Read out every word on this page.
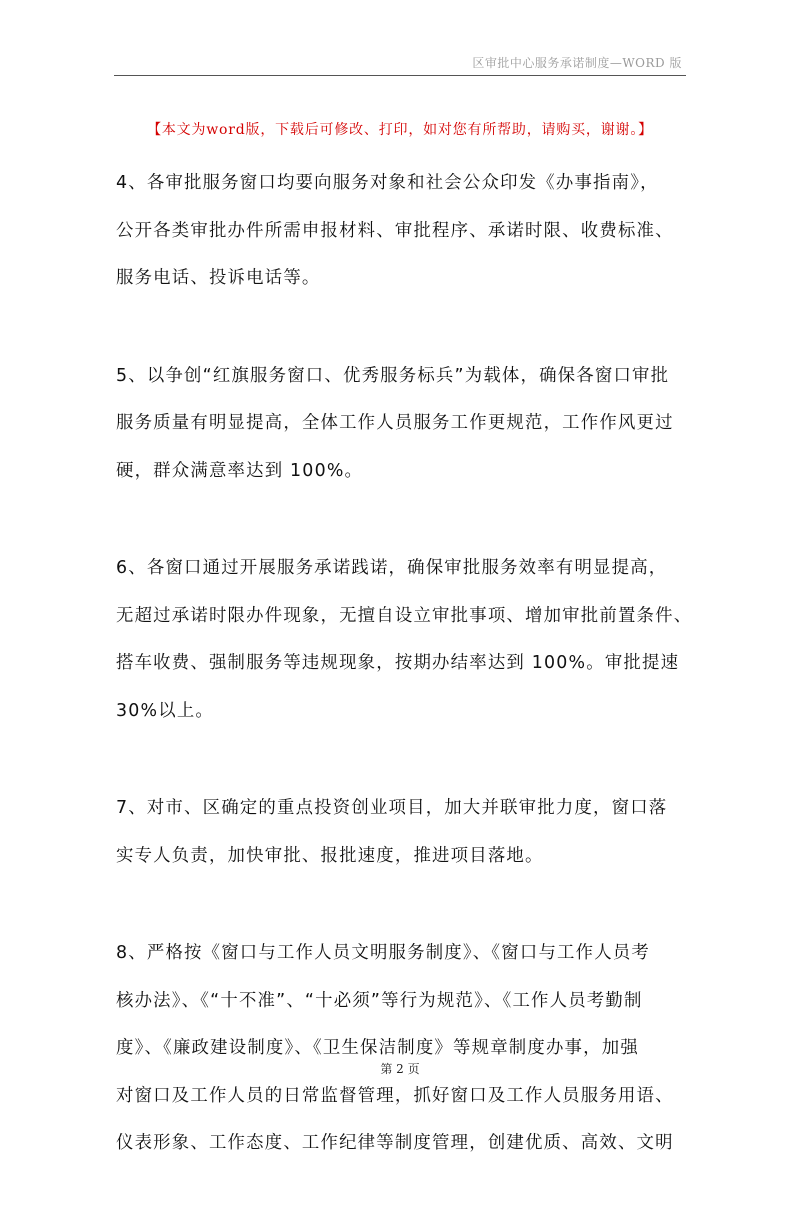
区审批中心服务承诺制度—WORD 版
【本文为word版，下载后可修改、打印，如对您有所帮助，请购买，谢谢。】

4、各审批服务窗口均要向服务对象和社会公众印发《办事指南》，
公开各类审批办件所需申报材料、审批程序、承诺时限、收费标准、
服务电话、投诉电话等。

5、以争创“红旗服务窗口、优秀服务标兵”为载体，确保各窗口审批
服务质量有明显提高，全体工作人员服务工作更规范，工作作风更过
硬，群众满意率达到 100%。

6、各窗口通过开展服务承诺践诺，确保审批服务效率有明显提高，
无超过承诺时限办件现象，无擅自设立审批事项、增加审批前置条件、
搭车收费、强制服务等违规现象，按期办结率达到 100%。审批提速
30%以上。

7、对市、区确定的重点投资创业项目，加大并联审批力度，窗口落
实专人负责，加快审批、报批速度，推进项目落地。

8、严格按《窗口与工作人员文明服务制度》、《窗口与工作人员考
核办法》、《“十不准”、“十必须”等行为规范》、《工作人员考勤制
度》、《廉政建设制度》、《卫生保洁制度》等规章制度办事，加强
对窗口及工作人员的日常监督管理，抓好窗口及工作人员服务用语、
仪表形象、工作态度、工作纪律等制度管理，创建优质、高效、文明

第 2 页
